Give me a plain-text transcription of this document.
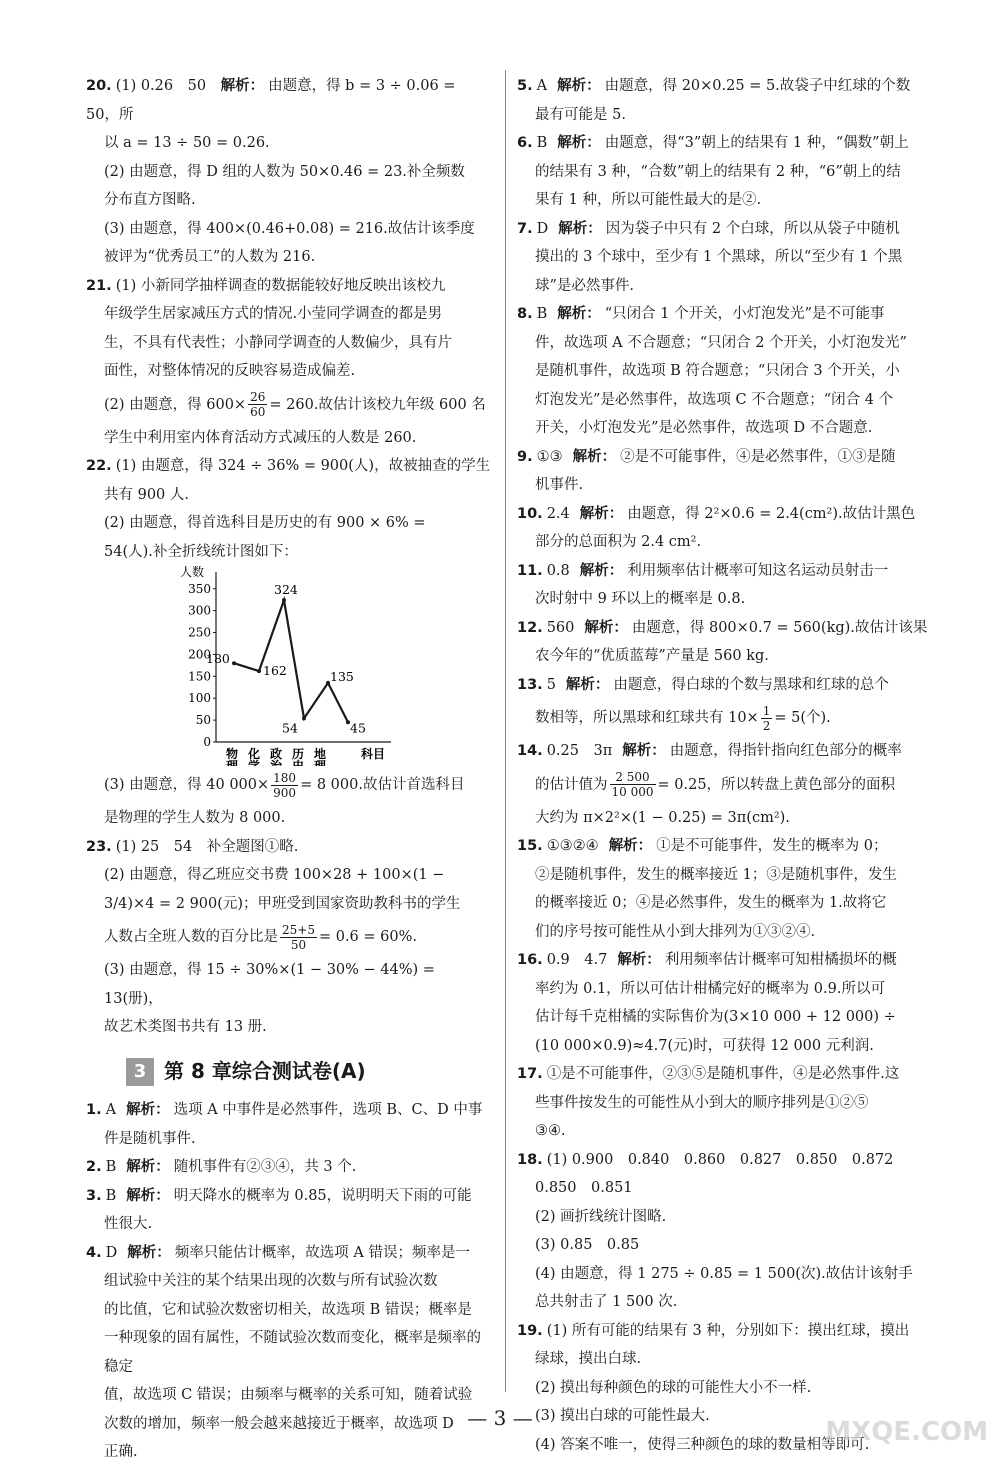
20. (1) 0.26　50　解析： 由题意，得 b = 3 ÷ 0.06 = 50，所
以 a = 13 ÷ 50 = 0.26.
(2) 由题意，得 D 组的人数为 50×0.46 = 23.补全频数
分布直方图略.
(3) 由题意，得 400×(0.46+0.08) = 216.故估计该季度
被评为“优秀员工”的人数为 216.
21. (1) 小新同学抽样调查的数据能较好地反映出该校九
年级学生居家减压方式的情况.小莹同学调查的都是男
生，不具有代表性；小静同学调查的人数偏少，具有片
面性，对整体情况的反映容易造成偏差.
(2) 由题意，得 $600\times \frac{26}{60} = 260$.故估计该校九年级 600 名
学生中利用室内体育活动方式减压的人数是 260.
22. (1) 由题意，得 324 ÷ 36% = 900(人)，故被抽查的学生
共有 900 人.
(2) 由题意，得首选科目是历史的有 900 × 6% =
54(人).补全折线统计图如下：
人数
0
50
100
150
200
250
300
350
180
162
324
54
135
45
物
理
化
学
政
治
历
史
地
理
科目
(3) 由题意，得 40 $000\times \frac{180}{900} = 8$ 000.故估计首选科目
是物理的学生人数为 8 000.
23. (1) 25　54　补全题图①略.
(2) 由题意，得乙班应交书费 100×28 + 100×(1 −
3/4)×4 = 2 900(元)；甲班受到国家资助教科书的学生
人数占全班人数的百分比是 $\frac{25+5}{50} = 0.6 = 60\%$.
(3) 由题意，得 15 ÷ 30%×(1 − 30% − 44%) = 13(册)，
故艺术类图书共有 13 册.
3 第 8 章综合测试卷(A)
1. A 解析： 选项 A 中事件是必然事件，选项 B、C、D 中事
件是随机事件.
2. B 解析： 随机事件有②③④，共 3 个.
3. B 解析： 明天降水的概率为 0.85，说明明天下雨的可能
性很大.
4. D 解析： 频率只能估计概率，故选项 A 错误；频率是一
组试验中关注的某个结果出现的次数与所有试验次数
的比值，它和试验次数密切相关，故选项 B 错误；概率是
一种现象的固有属性，不随试验次数而变化，概率是频率的稳定
值，故选项 C 错误；由频率与概率的关系可知，随着试验
次数的增加，频率一般会越来越接近于概率，故选项 D
正确.
5. A 解析： 由题意，得 20×0.25 = 5.故袋子中红球的个数
最有可能是 5.
6. B 解析： 由题意，得“3”朝上的结果有 1 种，“偶数”朝上
的结果有 3 种，“合数”朝上的结果有 2 种，“6”朝上的结
果有 1 种，所以可能性最大的是②.
7. D 解析： 因为袋子中只有 2 个白球，所以从袋子中随机
摸出的 3 个球中，至少有 1 个黑球，所以“至少有 1 个黑
球”是必然事件.
8. B 解析： “只闭合 1 个开关，小灯泡发光”是不可能事
件，故选项 A 不合题意；“只闭合 2 个开关，小灯泡发光”
是随机事件，故选项 B 符合题意；“只闭合 3 个开关，小
灯泡发光”是必然事件，故选项 C 不合题意；“闭合 4 个
开关，小灯泡发光”是必然事件，故选项 D 不合题意.
9. ①③ 解析： ②是不可能事件，④是必然事件，①③是随
机事件.
10. 2.4 解析： 由题意，得 2²×0.6 = 2.4(cm²).故估计黑色
部分的总面积为 2.4 cm².
11. 0.8 解析： 利用频率估计概率可知这名运动员射击一
次时射中 9 环以上的概率是 0.8.
12. 560 解析： 由题意，得 800×0.7 = 560(kg).故估计该果
农今年的“优质蓝莓”产量是 560 kg.
13. 5 解析： 由题意，得白球的个数与黑球和红球的总个
数相等，所以黑球和红球共有 $10\times \frac{1}{2} = 5$(个).
14. 0.25　3π 解析： 由题意，得指针指向红色部分的概率
的估计值为 $\frac{2 500}{10 000} = 0.25$，所以转盘上黄色部分的面积
大约为 π×2²×(1 − 0.25) = 3π(cm²).
15. ①③②④ 解析： ①是不可能事件，发生的概率为 0；
②是随机事件，发生的概率接近 1；③是随机事件，发生
的概率接近 0；④是必然事件，发生的概率为 1.故将它
们的序号按可能性从小到大排列为①③②④.
16. 0.9　4.7 解析： 利用频率估计概率可知柑橘损坏的概
率约为 0.1，所以可估计柑橘完好的概率为 0.9.所以可
估计每千克柑橘的实际售价为(3×10 000 + 12 000) ÷
(10 000×0.9)≈4.7(元)时，可获得 12 000 元利润.
17. ①是不可能事件，②③⑤是随机事件，④是必然事件.这
些事件按发生的可能性从小到大的顺序排列是①②⑤
③④.
18. (1) 0.900　0.840　0.860　0.827　0.850　0.872
0.850　0.851
(2) 画折线统计图略.
(3) 0.85　0.85
(4) 由题意，得 1 275 ÷ 0.85 = 1 500(次).故估计该射手
总共射击了 1 500 次.
19. (1) 所有可能的结果有 3 种，分别如下：摸出红球，摸出
绿球，摸出白球.
(2) 摸出每种颜色的球的可能性大小不一样.
(3) 摸出白球的可能性最大.
(4) 答案不唯一，使得三种颜色的球的数量相等即可.
— 3 —	MXQE.COM
